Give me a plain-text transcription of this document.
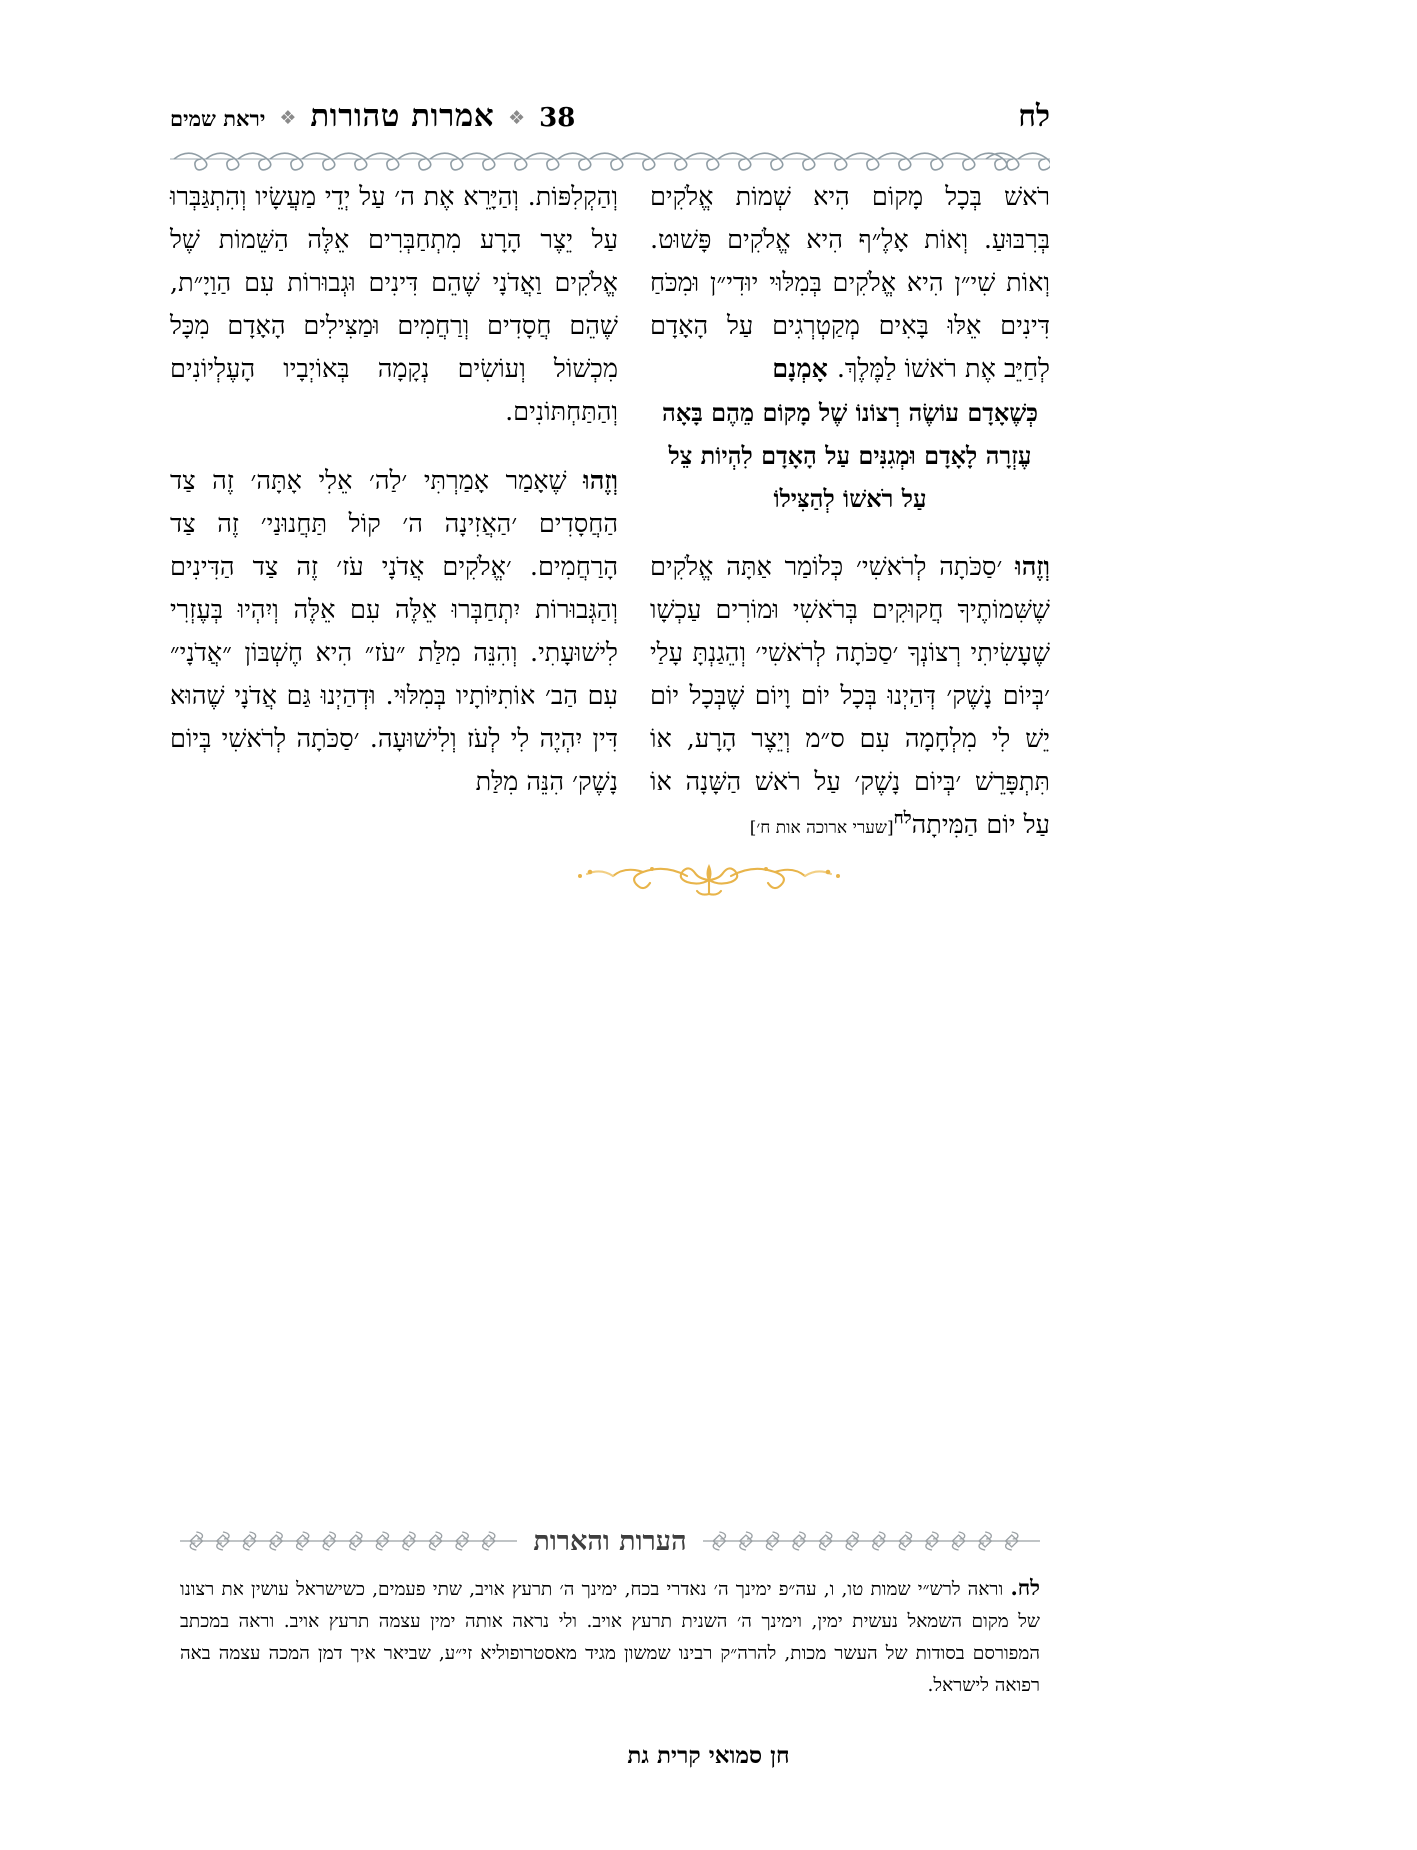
38
❖
אמרות טהורות
❖
יראת שמים	לח

וְהַקְלִפּוֹת. וְהַיָּרֵא אֶת ה׳ עַל יְדֵי מַעֲשָׂיו וְהִתְגַּבְּרוּ עַל יֵצֶר הָרָע מִתְחַבְּרִים אֵלֶּה הַשֵּׁמוֹת שֶׁל אֱלֹקִים וַאֲדֹנָי שֶׁהֵם דִּינִים וּגְבוּרוֹת עִם הַוַיָ״ת, שֶׁהֵם חֲסָדִים וְרַחֲמִים וּמַצִּילִים הָאָדָם מִכָּל מִכְשׁוֹל וְעוֹשִׂים נְקָמָה בְּאוֹיְבָיו הָעֶלְיוֹנִים וְהַתַּחְתּוֹנִים.

וְזֶהוּ שֶׁאָמַר אָמַרְתִּי ׳לַה׳ אֵלִי אָתָּה׳ זֶה צַד הַחֲסָדִים ׳הַאֲזִינָה ה׳ קוֹל תַּחֲנוּנַי׳ זֶה צַד הָרַחֲמִים. ׳אֱלֹקִים אֲדֹנָי עֹז׳ זֶה צַד הַדִּינִים וְהַגְּבוּרוֹת יִתְחַבְּרוּ אֵלֶּה עִם אֵלֶּה וְיִהְיוּ בְּעֶזְרִי לִישׁוּעָתִי. וְהִנֵּה מִלַּת ״עֹז״ הִיא חֶשְׁבּוֹן ״אֲדֹנָי״ עִם הַב׳ אוֹתִיּוֹתָיו בְּמִלּוּי. וּדְהַיְנוּ גַּם אֲדֹנָי שֶׁהוּא דִּין יִהְיֶה לִי לְעֹז וְלִישׁוּעָה. ׳סַכֹּתָה לְרֹאשִׁי בְּיוֹם נָשֶׁק׳ הִנֵּה מִלַּת

רֹאשׁ בְּכָל מָקוֹם הִיא שְׁמוֹת אֱלֹקִים בְּרִבּוּעַ. וְאוֹת אָלֶ״ף הִיא אֱלֹקִים פָּשׁוּט. וְאוֹת שִׁי״ן הִיא אֱלֹקִים בְּמִלּוּי יוּדִי״ן וּמִכֹּחַ דִּינִים אֵלּוּ בָּאִים מְקַטְרְגִים עַל הָאָדָם לְחַיֵּב אֶת רֹאשׁוֹ לַמֶּלֶךְ. אָמְנָם

כְּשֶׁאָדָם עוֹשֶׂה רְצוֹנוֹ שֶׁל מָקוֹם מֵהֶם בָּאָה

עֶזְרָה לָאָדָם וּמְגִנִּים עַל הָאָדָם לִהְיוֹת צֵל

עַל רֹאשׁוֹ לְהַצִּילוֹ

וְזֶהוּ ׳סַכֹּתָה לְרֹאשִׁי׳ כְּלוֹמַר אַתָּה אֱלֹקִים שֶׁשִּׁמוֹתֶיךָ חֲקוּקִים בְּרֹאשִׁי וּמוֹרִים עַכְשָׁו שֶׁעָשִׂיתִי רְצוֹנְךָ ׳סַכֹּתָה לְרֹאשִׁי׳ וְהֵגַנְתָּ עָלַי ׳בְּיוֹם נָשֶׁק׳ דְּהַיְנוּ בְּכָל יוֹם וָיוֹם שֶׁבְּכָל יוֹם יֵשׁ לִי מִלְחָמָה עִם ס״מ וְיֵצֶר הָרָע, אוֹ תִּתְפָּרֵשׁ ׳בְּיוֹם נָשֶׁק׳ עַל רֹאשׁ הַשָּׁנָה אוֹ עַל יוֹם הַמִּיתָה$^{לח}$[שערי ארוכה אות ח׳]

הערות והארות

לח. ורא⁠ה לרש״י שמות טו, ו, עה״פ ימינך ה׳ נאדרי בכח, ימינך ה׳ תרעץ אויב, שתי פעמים, כשישראל עושין את רצונו של מקום השמאל נעשית ימין, וימינך ה׳ השנית תרעץ אויב. ולי נראה אותה ימין עצמה תרעץ אויב. וראה במכתב המפורסם בסודות של העשר מכות, להרה״ק רבינו שמשון מגיד מאסטרופוליא זי״ע, שביאר איך דמן המכה עצמה באה רפואה לישראל.

חן סמואי קרית גת
